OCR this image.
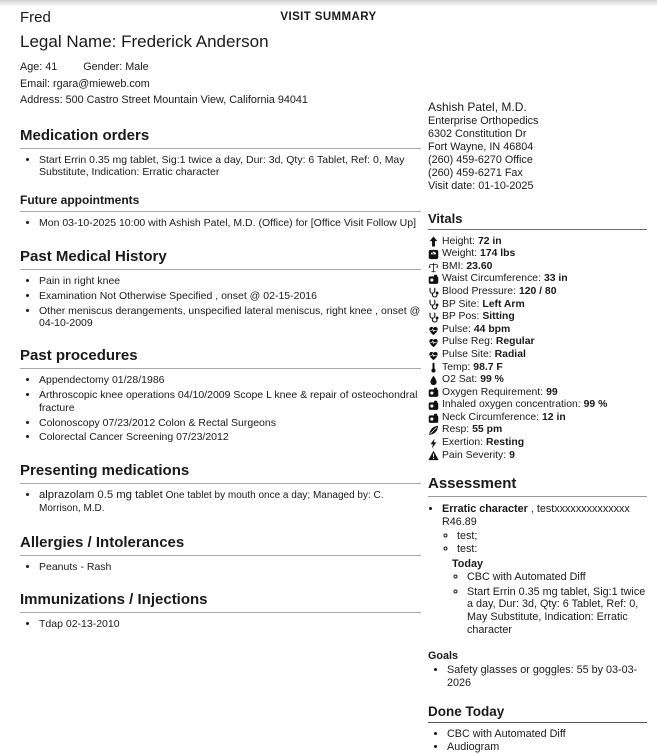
VISIT SUMMARY
Fred
Legal Name: Frederick Anderson
Age: 41 Gender: Male
Email: rgara@mieweb.com
Address: 500 Castro Street Mountain View, California 94041
Medication orders
• Start Errin 0.35 mg tablet, Sig:1 twice a day, Dur: 3d, Qty: 6 Tablet, Ref: 0, May Substitute, Indication: Erratic character
Future appointments
• Mon 03-10-2025 10:00 with Ashish Patel, M.D. (Office) for [Office Visit Follow Up]
Past Medical History
• Pain in right knee
• Examination Not Otherwise Specified , onset @ 02-15-2016
• Other meniscus derangements, unspecified lateral meniscus, right knee , onset @ 04-10-2009
Past procedures
• Appendectomy 01/28/1986
• Arthroscopic knee operations 04/10/2009 Scope L knee & repair of osteochondral fracture
• Colonoscopy 07/23/2012 Colon & Rectal Surgeons
• Colorectal Cancer Screening 07/23/2012
Presenting medications
• alprazolam 0.5 mg tablet One tablet by mouth once a day; Managed by: C. Morrison, M.D.
Allergies / Intolerances
• Peanuts - Rash
Immunizations / Injections
• Tdap 02-13-2010
Ashish Patel, M.D.
Enterprise Orthopedics
6302 Constitution Dr
Fort Wayne, IN 46804
(260) 459-6270 Office
(260) 459-6271 Fax
Visit date: 01-10-2025
Vitals
Height: 72 in
Weight: 174 lbs
BMI: 23.60
Waist Circumference: 33 in
Blood Pressure: 120 / 80
BP Site: Left Arm
BP Pos: Sitting
Pulse: 44 bpm
Pulse Reg: Regular
Pulse Site: Radial
Temp: 98.7 F
O2 Sat: 99 %
Oxygen Requirement: 99
Inhaled oxygen concentration: 99 %
Neck Circumference: 12 in
Resp: 55 pm
Exertion: Resting
Pain Severity: 9
Assessment
• Erratic character , testxxxxxxxxxxxxxx R46.89
◦ test;
◦ test:
Today
◦ CBC with Automated Diff
◦ Start Errin 0.35 mg tablet, Sig:1 twice a day, Dur: 3d, Qty: 6 Tablet, Ref: 0, May Substitute, Indication: Erratic character
Goals
• Safety glasses or goggles: 55 by 03-03-2026
Done Today
• CBC with Automated Diff
• Audiogram
